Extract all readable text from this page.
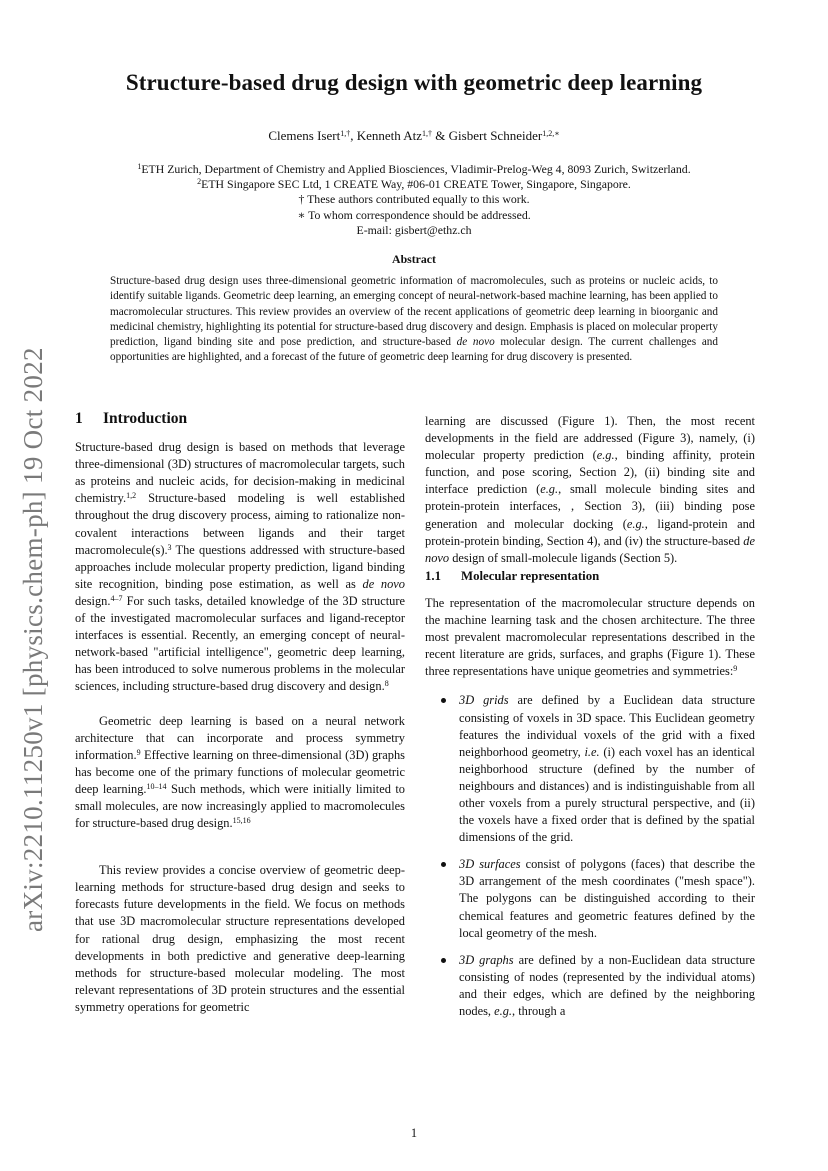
arXiv:2210.11250v1 [physics.chem-ph] 19 Oct 2022
Structure-based drug design with geometric deep learning
Clemens Isert$^{1,\dagger}$, Kenneth Atz$^{1,\dagger}$ & Gisbert Schneider$^{1,2,∗}$
$^1$ETH Zurich, Department of Chemistry and Applied Biosciences, Vladimir-Prelog-Weg 4, 8093 Zurich, Switzerland.
$^2$ETH Singapore SEC Ltd, 1 CREATE Way, #06-01 CREATE Tower, Singapore, Singapore.
† These authors contributed equally to this work.
∗ To whom correspondence should be addressed.
E-mail: gisbert@ethz.ch
Abstract
Structure-based drug design uses three-dimensional geometric information of macromolecules, such as proteins or nucleic acids, to identify suitable ligands. Geometric deep learning, an emerging concept of neural-network-based machine learning, has been applied to macromolecular structures. This review provides an overview of the recent applications of geometric deep learning in bioorganic and medicinal chemistry, highlighting its potential for structure-based drug discovery and design. Emphasis is placed on molecular property prediction, ligand binding site and pose prediction, and structure-based de novo molecular design. The current challenges and opportunities are highlighted, and a forecast of the future of geometric deep learning for drug discovery is presented.
1 Introduction

Structure-based drug design is based on methods that leverage three-dimensional (3D) structures of macromolecular targets, such as proteins and nucleic acids, for decision-making in medicinal chemistry.$^{1,2}$ Structure-based modeling is well established throughout the drug discovery process, aiming to rationalize non-covalent interactions between ligands and their target macromolecule(s).$^3$ The questions addressed with structure-based approaches include molecular property prediction, ligand binding site recognition, binding pose estimation, as well as de novo design.$^{4-7}$ For such tasks, detailed knowledge of the 3D structure of the investigated macromolecular surfaces and ligand-receptor interfaces is essential. Recently, an emerging concept of neural-network-based "artificial intelligence", geometric deep learning, has been introduced to solve numerous problems in the molecular sciences, including structure-based drug discovery and design.$^8$

Geometric deep learning is based on a neural network architecture that can incorporate and process symmetry information.$^9$ Effective learning on three-dimensional (3D) graphs has become one of the primary functions of molecular geometric deep learning.$^{10-14}$ Such methods, which were initially limited to small molecules, are now increasingly applied to macromolecules for structure-based drug design.$^{15,16}$

This review provides a concise overview of geometric deep-learning methods for structure-based drug design and seeks to forecasts future developments in the field. We focus on methods that use 3D macromolecular structure representations developed for rational drug design, emphasizing the most recent developments in both predictive and generative deep-learning methods for structure-based molecular modeling. The most relevant representations of 3D protein structures and the essential symmetry operations for geometric

learning are discussed (Figure 1). Then, the most recent developments in the field are addressed (Figure 3), namely, (i) molecular property prediction (e.g., binding affinity, protein function, and pose scoring, Section 2), (ii) binding site and interface prediction (e.g., small molecule binding sites and protein-protein interfaces, , Section 3), (iii) binding pose generation and molecular docking (e.g., ligand-protein and protein-protein binding, Section 4), and (iv) the structure-based de novo design of small-molecule ligands (Section 5).

1.1 Molecular representation

The representation of the macromolecular structure depends on the machine learning task and the chosen architecture. The three most prevalent macromolecular representations described in the recent literature are grids, surfaces, and graphs (Figure 1). These three representations have unique geometries and symmetries:$^9$

3D grids are defined by a Euclidean data structure consisting of voxels in 3D space. This Euclidean geometry features the individual voxels of the grid with a fixed neighborhood geometry, i.e. (i) each voxel has an identical neighborhood structure (defined by the number of neighbours and distances) and is indistinguishable from all other voxels from a purely structural perspective, and (ii) the voxels have a fixed order that is defined by the spatial dimensions of the grid.
3D surfaces consist of polygons (faces) that describe the 3D arrangement of the mesh coordinates ("mesh space"). The polygons can be distinguished according to their chemical features and geometric features defined by the local geometry of the mesh.
3D graphs are defined by a non-Euclidean data structure consisting of nodes (represented by the individual atoms) and their edges, which are defined by the neighboring nodes, e.g., through a
1
